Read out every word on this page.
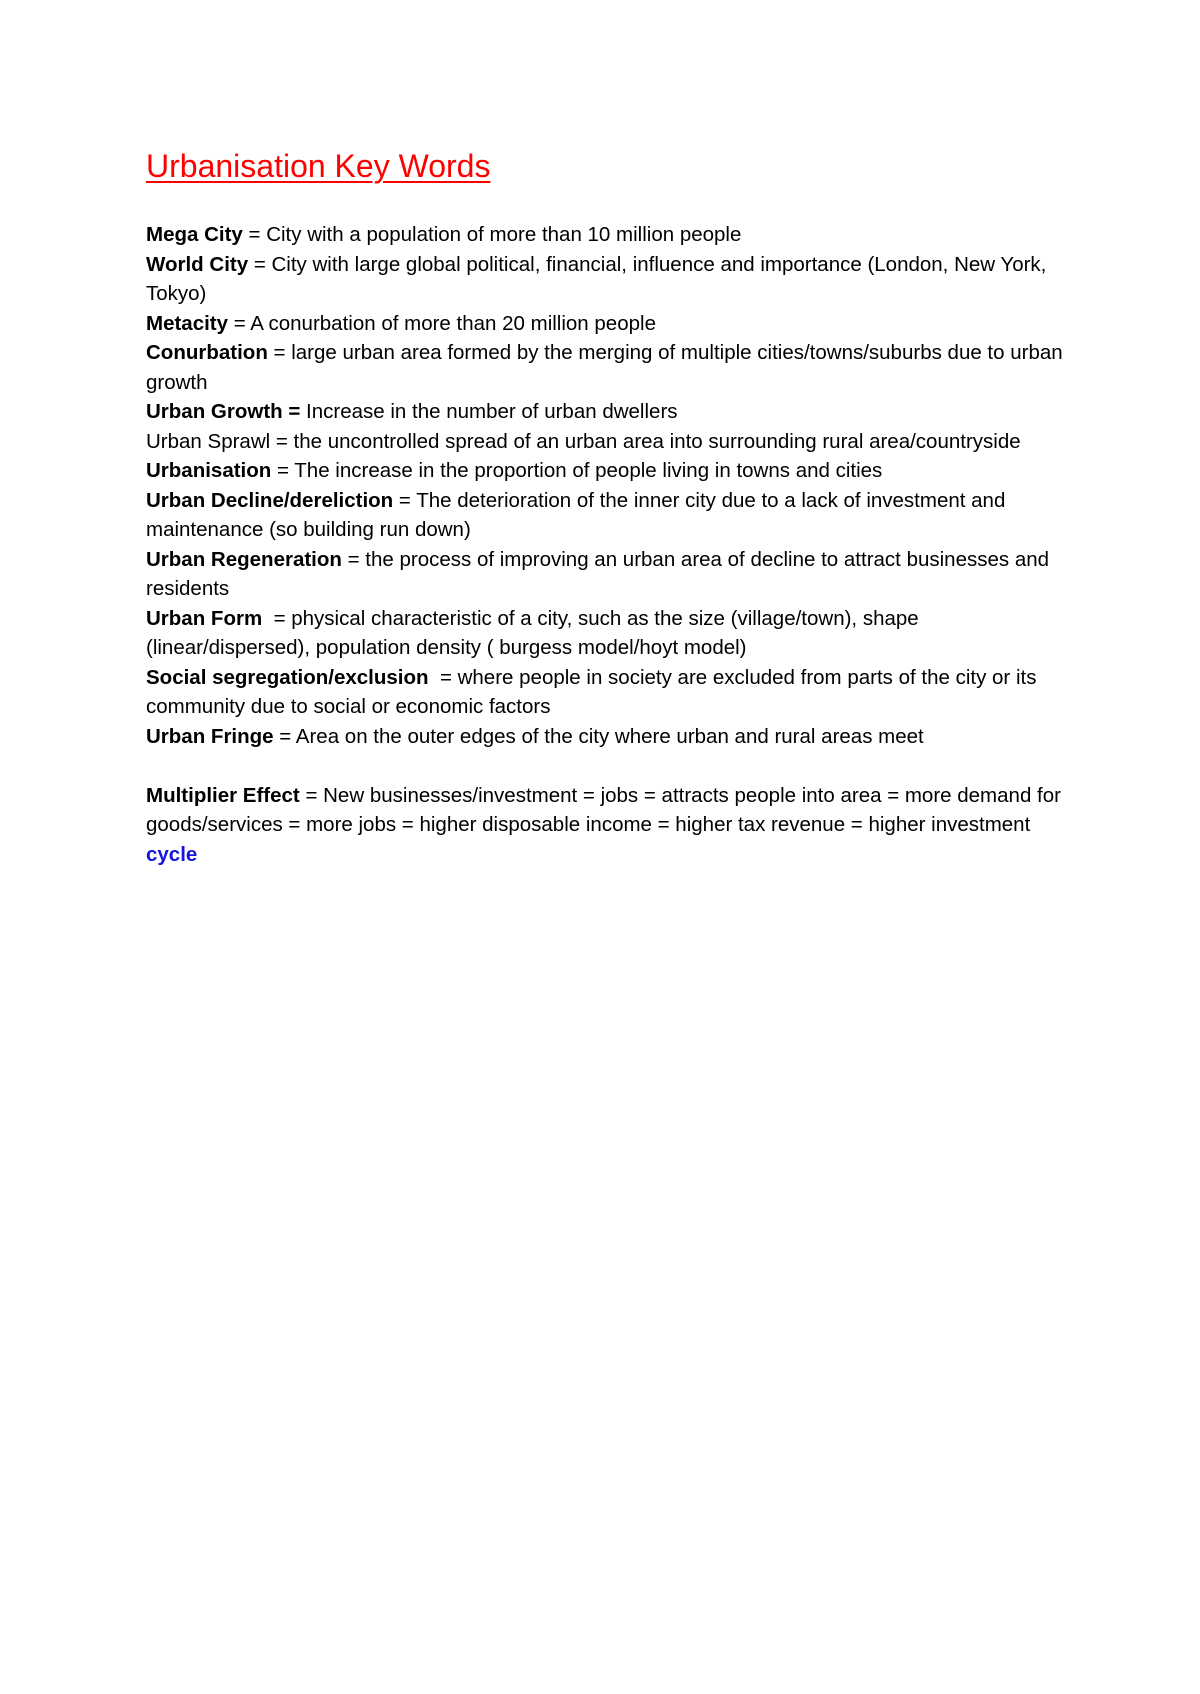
Urbanisation Key Words

Mega City = City with a population of more than 10 million people

World City = City with large global political, financial, influence and importance (London, New York, Tokyo)

Metacity = A conurbation of more than 20 million people

Conurbation = large urban area formed by the merging of multiple cities/towns/suburbs due to urban growth

Urban Growth = Increase in the number of urban dwellers

Urban Sprawl = the uncontrolled spread of an urban area into surrounding rural area/countryside

Urbanisation = The increase in the proportion of people living in towns and cities

Urban Decline/dereliction = The deterioration of the inner city due to a lack of investment and maintenance (so building run down)

Urban Regeneration = the process of improving an urban area of decline to attract businesses and residents

Urban Form  = physical characteristic of a city, such as the size (village/town), shape (linear/dispersed), population density ( burgess model/hoyt model)

Social segregation/exclusion  = where people in society are excluded from parts of the city or its community due to social or economic factors

Urban Fringe = Area on the outer edges of the city where urban and rural areas meet

Multiplier Effect = New businesses/investment = jobs = attracts people into area = more demand for goods/services = more jobs = higher disposable income = higher tax revenue = higher investment cycle
